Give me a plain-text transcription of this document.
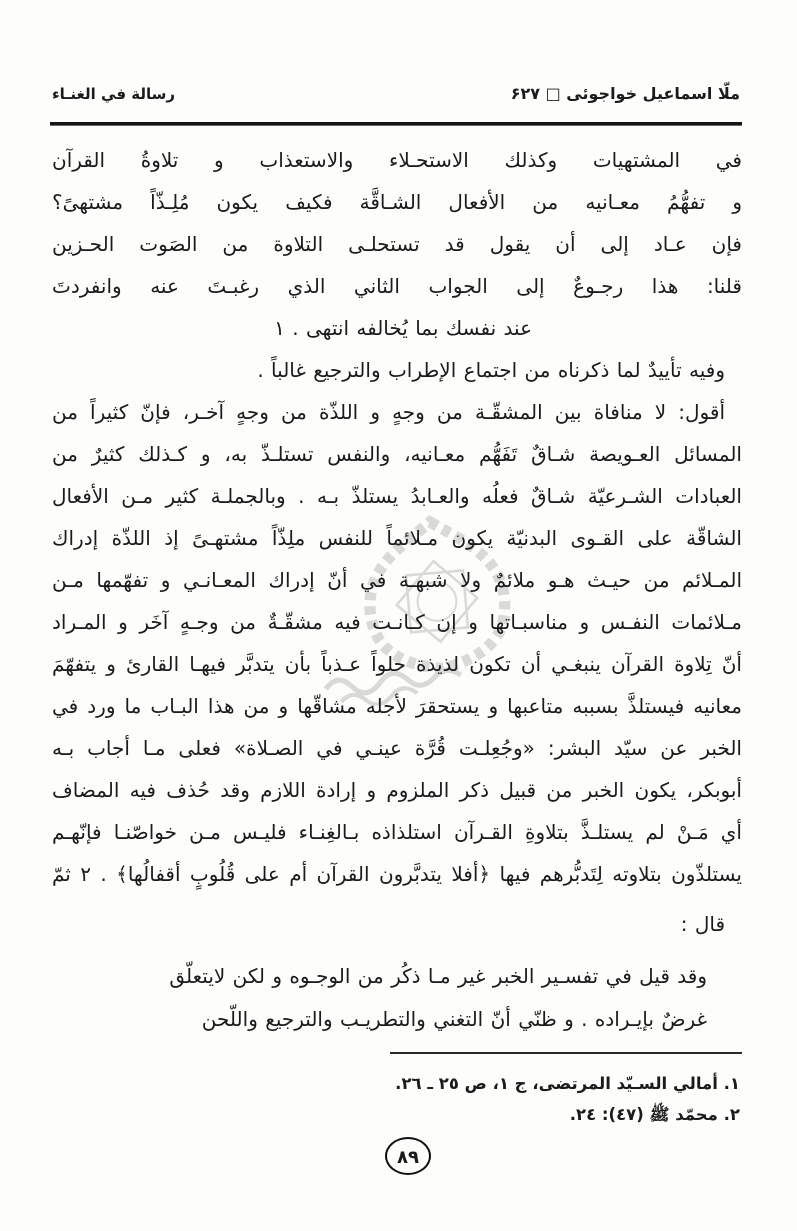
ملّا اسماعيل خواجوئى □ ۶۲۷
رسالة في الغنـاء
في المشتهيات وكذلك الاستحـلاء والاستعذاب و تلاوةُ القرآن
و تفهُّمُ معـانيه من الأفعال الشـاقَّة فكيف يكون مُلِـذّاً مشتهىً؟
فإن عـاد إلى أن يقول قد تستحلـى التلاوة من الصَوت الحـزين
قلنا: هذا رجـوعٌ إلى الجواب الثاني الذي رغبـتَ عنه وانفردتَ
عند نفسك بما يُخالفه انتهى . ١
وفيه تأييدٌ لما ذكرناه من اجتماع الإطراب والترجيع غالباً .
أقول: لا منافاة بين المشقّـة من وجهٍ و اللذّة من وجهٍ آخـر، فإنّ كثيراً من
المسائل العـويصة شـاقٌ تَفَهُّم معـانيه، والنفس تستلـذّ به، و كـذلك كثيرٌ من
العبادات الشـرعيّة شـاقٌ فعلُه والعـابدُ يستلذّ بـه . وبالجملـة كثير مـن الأفعال
الشاقّة على القـوى البدنيّة يكون مـلائماً للنفس ملِذّاً مشتهـىً إذ اللذّة إدراك
المـلائم من حيـث هـو ملائمٌ ولا شبهـة في أنّ إدراك المعـانـي و تفهّمها مـن
مـلائمات النفـس و مناسبـاتها و إن كـانـت فيه مشقّـةٌ من وجـهٍ آخَر و المـراد
أنّ تِلاوة القرآن ينبغـي أن تكون لذيذة حلواً عـذباً بأن يتدبَّر فيهـا القارئ و يتفهّمَ
معانيه فيستلذَّ بسببه متاعبها و يستحقرَ لأجله مشاقّها و من هذا البـاب ما ورد في
الخبر عن سيّد البشر: «وجُعِلـت قُرَّة عينـي في الصـلاة» فعلى مـا أجاب بـه
أبوبكر، يكون الخبر من قبيل ذكر الملزوم و إرادة اللازم وقد حُذف فيه المضاف
أي مَـنْ لم يستلـذَّ بتلاوةِ القـرآن استلذاذه بـالغِنـاء فليـس مـن خواصّنـا فإنّهـم
يستلذّون بتلاوته لِتَدبُّرهم فيها ﴿أفلا يتدبَّرون القرآن أم على قُلُوبٍ أقفالُها﴾ . ٢ ثمّ
قال :
وقد قيل في تفسـير الخبر غير مـا ذكُر من الوجـوه و لكن لايتعلّق
غرضٌ بإيـراده . و ظنّي أنّ التغني والتطريـب والترجيع واللّحن
١. أمالي السـيّد المرتضى، ج ١، ص ٢٥ ـ ٢٦.
٢. محمّد ﷺ (٤٧): ٢٤.
٨٩
